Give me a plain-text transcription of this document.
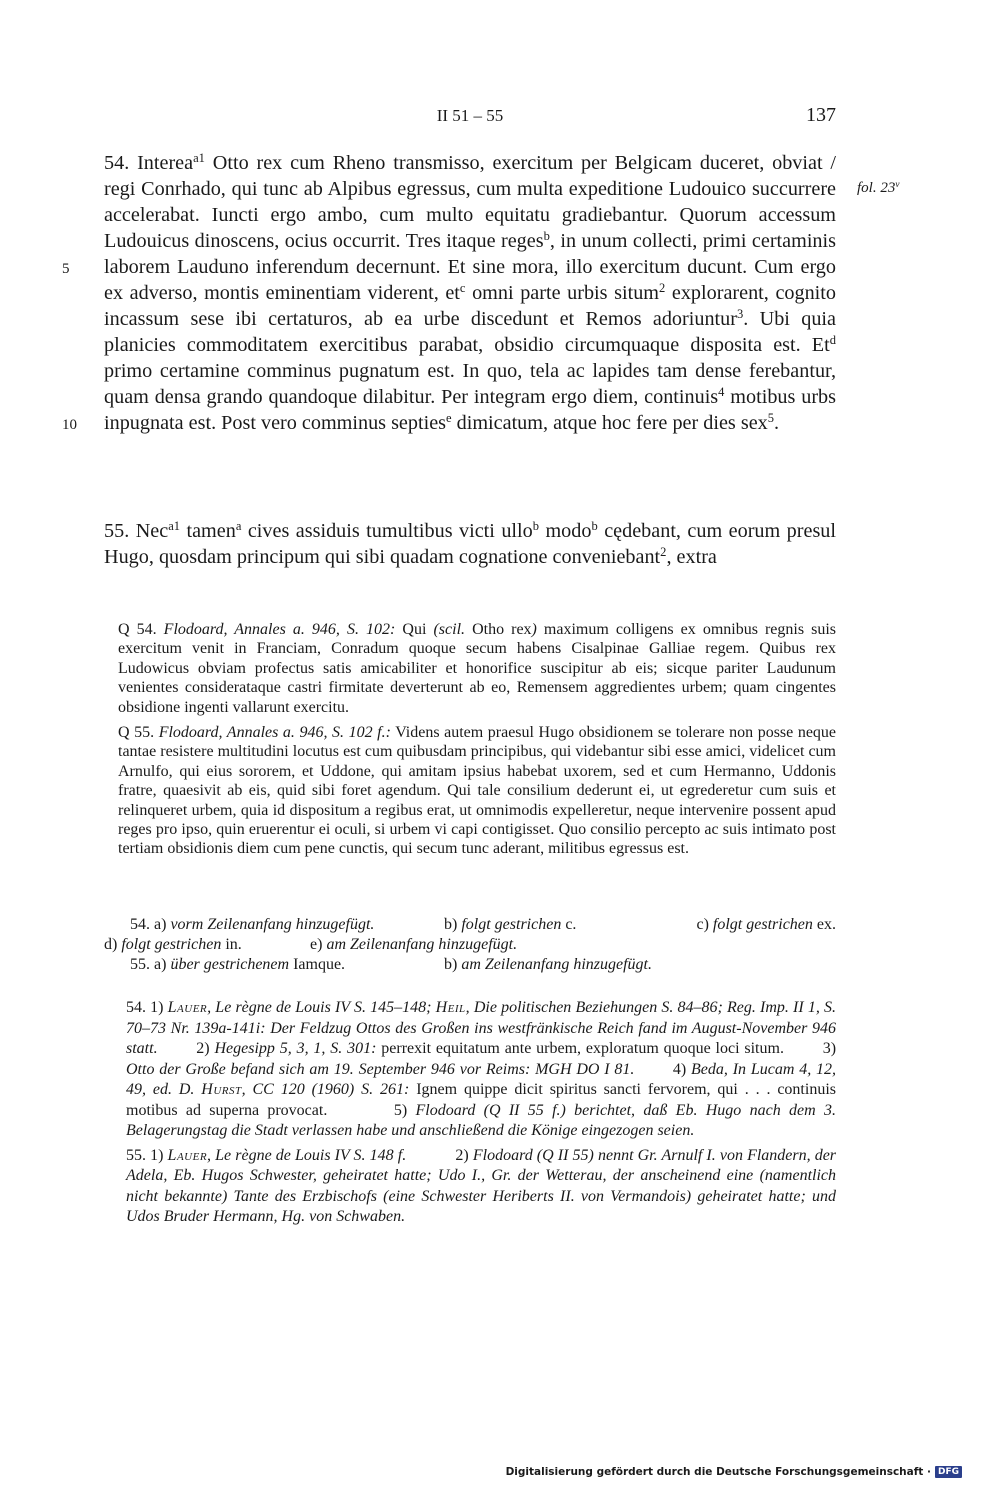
II 51 – 55	137
fol. 23$^v$
5
10

54. Interea$^{a1}$ Otto rex cum Rheno transmisso, exercitum per Belgicam duceret, obviat / regi Conrhado, qui tunc ab Alpibus egressus, cum multa expeditione Ludouico succurrere accelerabat. Iuncti ergo ambo, cum multo equitatu gradiebantur. Quorum accessum Ludouicus dinoscens, ocius occurrit. Tres itaque reges$^b$, in unum collecti, primi certaminis laborem Lauduno inferendum decernunt. Et sine mora, illo exercitum ducunt. Cum ergo ex adverso, montis eminentiam viderent, $et^c$ omni parte urbis situm$^2$ explorarent, cognito incassum sese ibi certaturos, ab ea urbe discedunt et Remos adoriuntur$^3$. Ubi quia planicies commoditatem exercitibus parabat, obsidio circumquaque disposita est. Et$^d$ primo certamine comminus pugnatum est. In quo, tela ac lapides tam dense ferebantur, quam densa grando quandoque dilabitur. Per integram ergo diem, continuis$^4$ motibus urbs inpugnata est. Post vero comminus septies$^e$ dimicatum, atque hoc fere per dies sex$^5$.

55. Nec$^{a1}$ tamen$^a$ cives assiduis tumultibus victi ullo$^b$ modo$^b$ cędebant, cum eorum presul Hugo, quosdam principum qui sibi quadam cognatione conveniebant$^2$, extra

Q 54. Flodoard, Annales a. 946, S. 102: Qui (scil. Otho rex) maximum colligens ex omnibus regnis suis exercitum venit in Franciam, Conradum quoque secum habens Cisalpinae Galliae regem. Quibus rex Ludowicus obviam profectus satis amicabiliter et honorifice suscipitur ab eis; sicque pariter Laudunum venientes considerataque castri firmitate deverterunt ab eo, Remensem aggredientes urbem; quam cingentes obsidione ingenti vallarunt exercitu.

Q 55. Flodoard, Annales a. 946, S. 102 f.: Videns autem praesul Hugo obsidionem se tolerare non posse neque tantae resistere multitudini locutus est cum quibusdam principibus, qui videbantur sibi esse amici, videlicet cum Arnulfo, qui eius sororem, et Uddone, qui amitam ipsius habebat uxorem, sed et cum Hermanno, Uddonis fratre, quaesivit ab eis, quid sibi foret agendum. Qui tale consilium dederunt ei, ut egrederetur cum suis et relinqueret urbem, quia id dispositum a regibus erat, ut omnimodis expelleretur, neque intervenire possent apud reges pro ipso, quin eruerentur ei oculi, si urbem vi capi contigisset. Quo consilio percepto ac suis intimato post tertiam obsidionis diem cum pene cunctis, qui secum tunc aderant, militibus egressus est.

54. a) vorm Zeilenanfang hinzugefügt.	b) folgt gestrichen c.	c) folgt gestrichen ex.
d) folgt gestrichen in.	e) am Zeilenanfang hinzugefügt.
55. a) über gestrichenem Iamque.	b) am Zeilenanfang hinzugefügt.

54. 1) Lauer, Le règne de Louis IV S. 145–148; Heil, Die politischen Beziehungen S. 84–86; Reg. Imp. II 1, S. 70–73 Nr. 139a-141i: Der Feldzug Ottos des Großen ins westfränkische Reich fand im August-November 946 statt. 2) Hegesipp 5, 3, 1, S. 301: perrexit equitatum ante urbem, exploratum quoque loci situm. 3) Otto der Große befand sich am 19. September 946 vor Reims: MGH DO I 81. 4) Beda, In Lucam 4, 12, 49, ed. D. Hurst, CC 120 (1960) S. 261: Ignem quippe dicit spiritus sancti fervorem, qui . . . continuis motibus ad superna provocat.	5) Flodoard (Q II 55 f.) berichtet, daß Eb. Hugo nach dem 3. Belagerungstag die Stadt verlassen habe und anschließend die Könige eingezogen seien.

55. 1) Lauer, Le règne de Louis IV S. 148 f.	2) Flodoard (Q II 55) nennt Gr. Arnulf I. von Flandern, der Adela, Eb. Hugos Schwester, geheiratet hatte; Udo I., Gr. der Wetterau, der anscheinend eine (namentlich nicht bekannte) Tante des Erzbischofs (eine Schwester Heriberts II. von Vermandois) geheiratet hatte; und Udos Bruder Hermann, Hg. von Schwaben.

Digitalisierung gefördert durch die Deutsche Forschungsgemeinschaft · DFG
